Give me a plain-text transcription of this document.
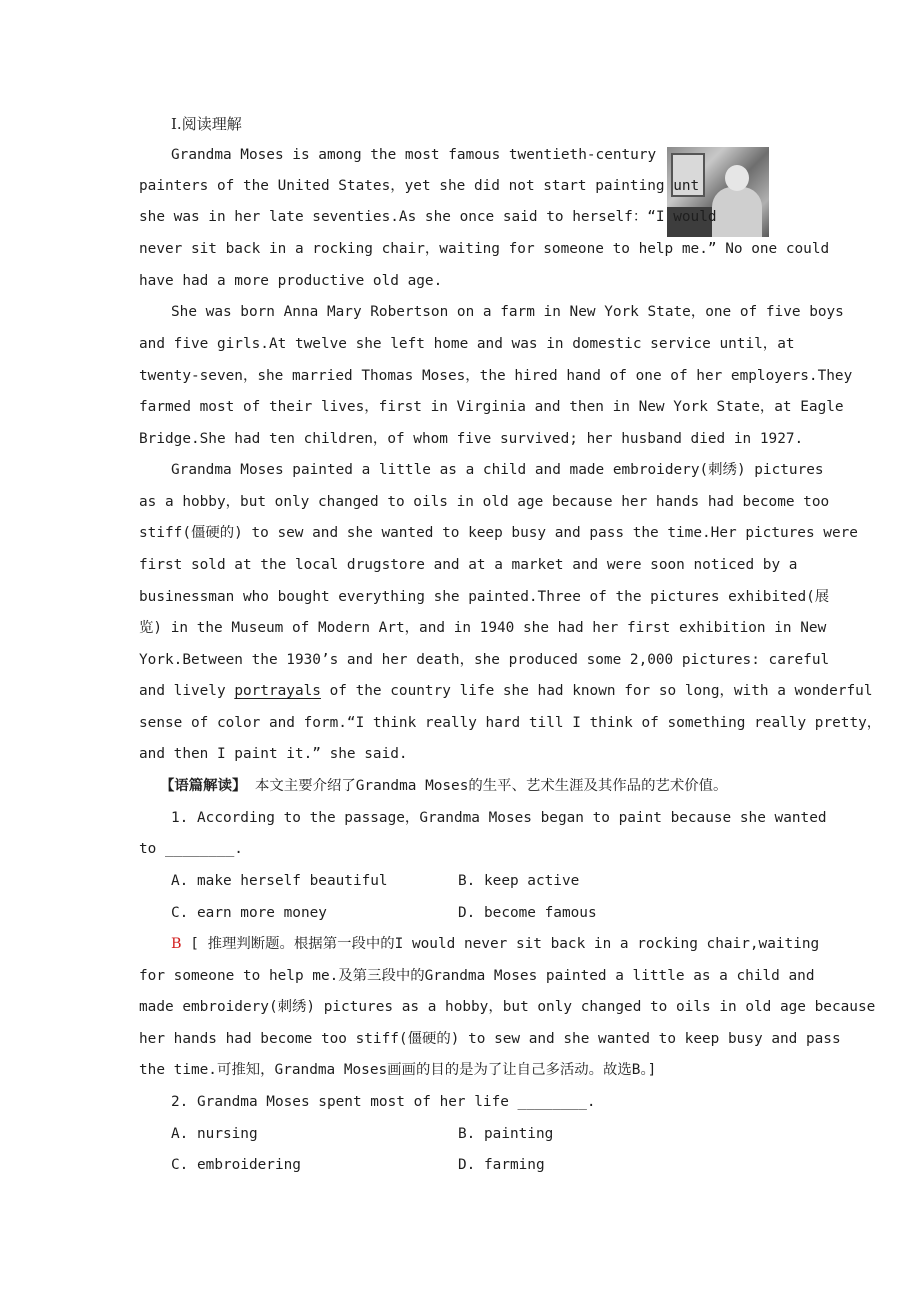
Ⅰ.阅读理解
Grandma Moses is among the most famous twentieth-century
painters of the United States，yet she did not start painting unt
she was in her late seventies.As she once said to herself：“I would
never sit back in a rocking chair，waiting for someone to help me.” No one could
have had a more productive old age.
She was born Anna Mary Robertson on a farm in New York State，one of five boys
and five girls.At twelve she left home and was in domestic service until，at
twenty-seven，she married Thomas Moses，the hired hand of one of her employers.They
farmed most of their lives，first in Virginia and then in New York State，at Eagle
Bridge.She had ten children，of whom five survived; her husband died in 1927.
Grandma Moses painted a little as a child and made embroidery(刺绣) pictures
as a hobby，but only changed to oils in old age because her hands had become too
stiff(僵硬的) to sew and she wanted to keep busy and pass the time.Her pictures were
first sold at the local drugstore and at a market and were soon noticed by a
businessman who bought everything she painted.Three of the pictures exhibited(展
览) in the Museum of Modern Art，and in 1940 she had her first exhibition in New
York.Between the 1930’s and her death，she produced some 2,000 pictures: careful
and lively portrayals of the country life she had known for so long，with a wonderful
sense of color and form.“I think really hard till I think of something really pretty，
and then I paint it.” she said.
【语篇解读】 本文主要介绍了Grandma Moses的生平、艺术生涯及其作品的艺术价值。
1. According to the passage，Grandma Moses began to paint because she wanted
to ________.
A. make herself beautiful	B. keep active
C. earn more money	D. become famous
B [ 推理判断题。根据第一段中的I would never sit back in a rocking chair,waiting
for someone to help me.及第三段中的Grandma Moses painted a little as a child and
made embroidery(刺绣) pictures as a hobby，but only changed to oils in old age because
her hands had become too stiff(僵硬的) to sew and she wanted to keep busy and pass
the time.可推知，Grandma Moses画画的目的是为了让自己多活动。故选B。]
2. Grandma Moses spent most of her life ________.
A. nursing	B. painting
C. embroidering	D. farming
